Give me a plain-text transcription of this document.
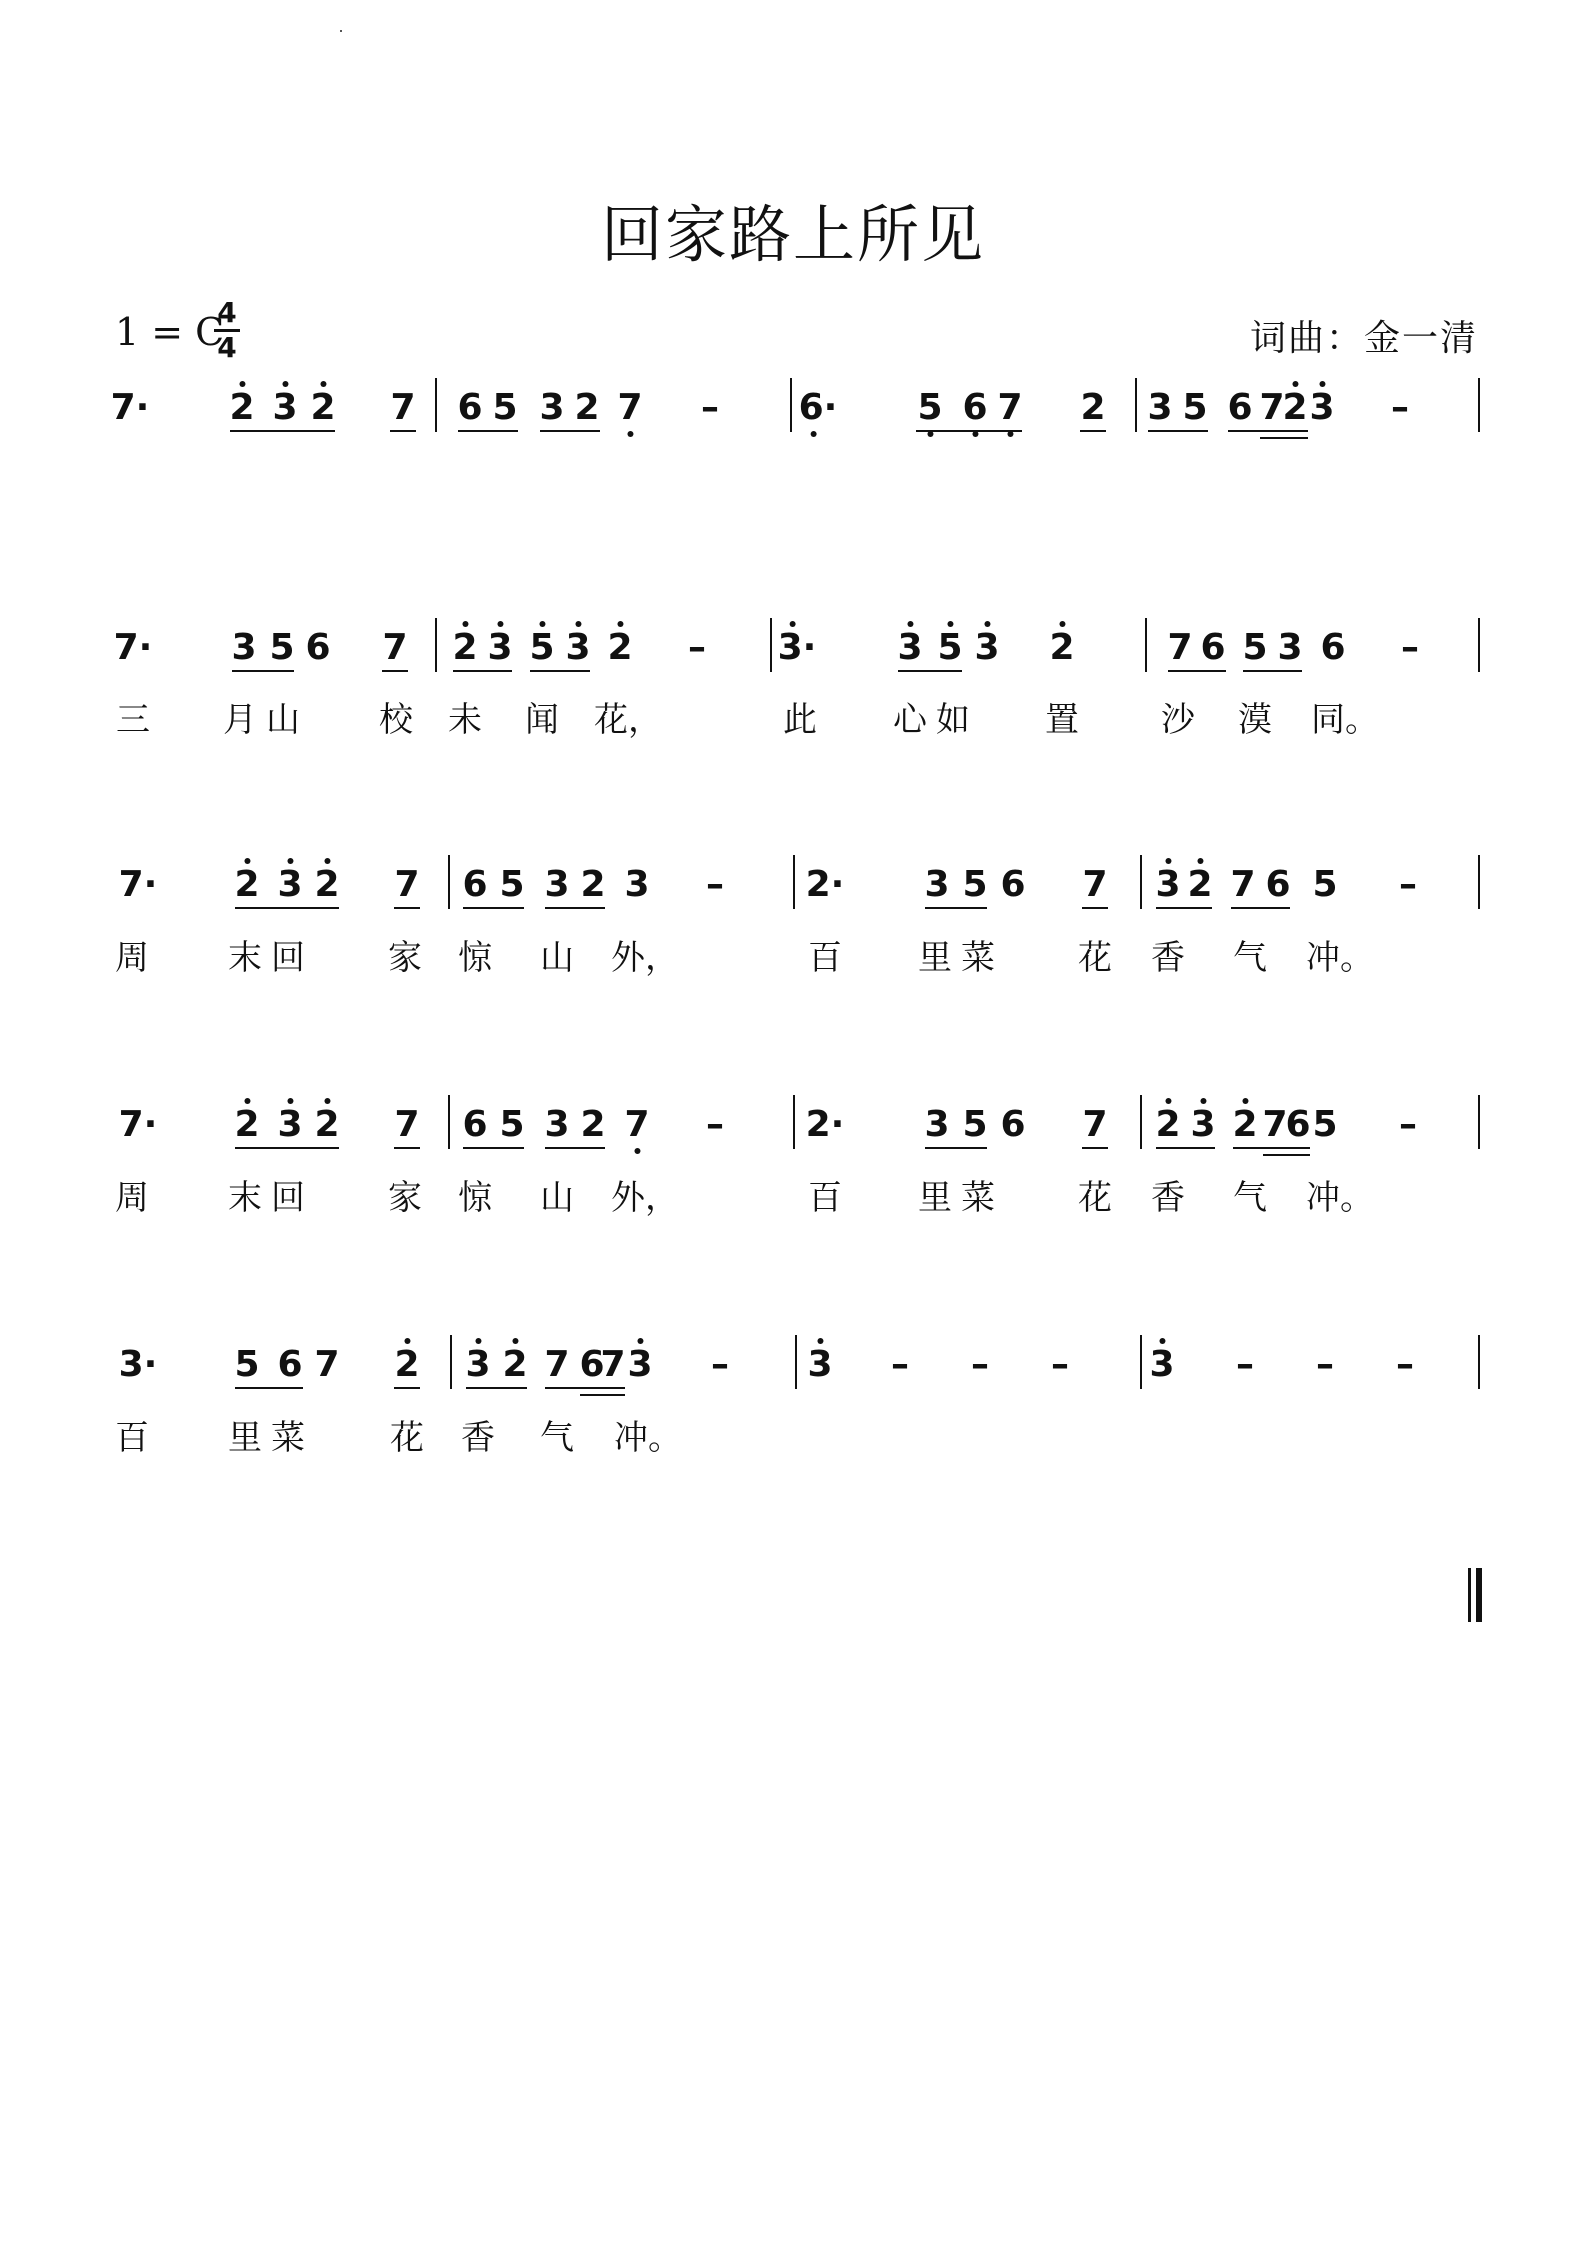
回家路上所见
1 = C
4
4	词曲：金一清
7· 2 3 2 7 6 5 3 2 7 – 6· 5 6 7 2 3 5 6 7
2 3 –
7· 3 5 6 7 2 3 5 3 2 – 3· 3 5 3 2	7 6 5 3 6 –
三 月 山 校 未 闻 花，	此 心 如 置 沙 漠 同。
7· 2 3 2 7 6 5 3 2 3 – 2· 3 5 6 7 3 2 7 6 5 –
周 末 回 家 惊 山 外，	百 里 菜 花 香 气 冲。
7· 2 3 2 7 6 5 3 2 7 – 2· 3 5 6 7 2 3 2 7
6 5 –
周 末 回 家 惊 山 外，	百 里 菜 花 香 气 冲。
3· 5 6 7 2 3 2 7 6
7 3 – 3 – – – 3 – – –
百 里 菜	花 香 气 冲。
